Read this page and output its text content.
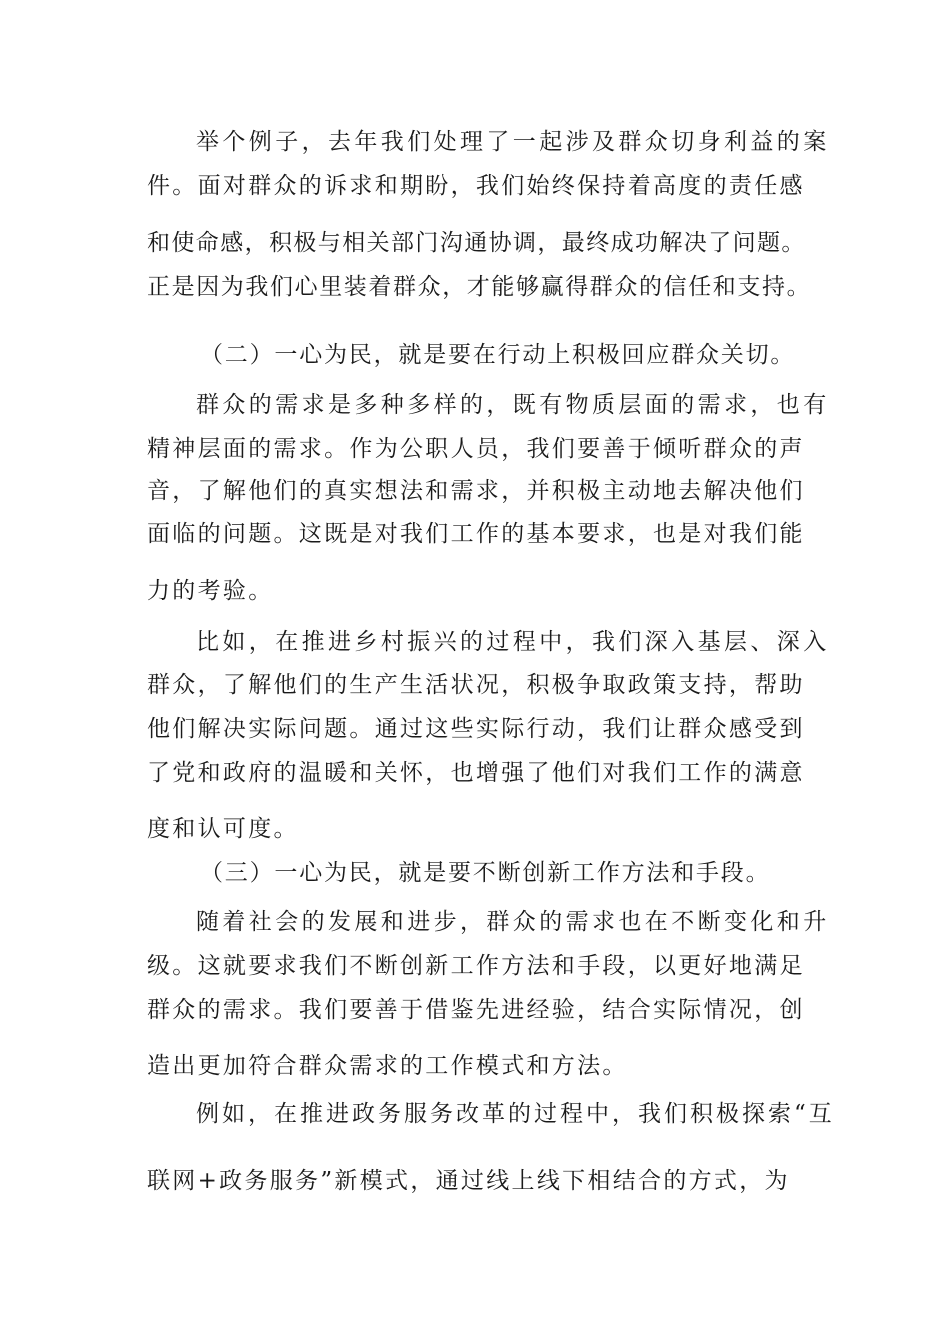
举个例子，去年我们处理了一起涉及群众切身利益的案
件。面对群众的诉求和期盼，我们始终保持着高度的责任感
和使命感，积极与相关部门沟通协调，最终成功解决了问题。
正是因为我们心里装着群众，才能够赢得群众的信任和支持。
（二）一心为民，就是要在行动上积极回应群众关切。
群众的需求是多种多样的，既有物质层面的需求，也有
精神层面的需求。作为公职人员，我们要善于倾听群众的声
音，了解他们的真实想法和需求，并积极主动地去解决他们
面临的问题。这既是对我们工作的基本要求，也是对我们能
力的考验。
比如，在推进乡村振兴的过程中，我们深入基层、深入
群众，了解他们的生产生活状况，积极争取政策支持，帮助
他们解决实际问题。通过这些实际行动，我们让群众感受到
了党和政府的温暖和关怀，也增强了他们对我们工作的满意
度和认可度。
（三）一心为民，就是要不断创新工作方法和手段。
随着社会的发展和进步，群众的需求也在不断变化和升
级。这就要求我们不断创新工作方法和手段，以更好地满足
群众的需求。我们要善于借鉴先进经验，结合实际情况，创
造出更加符合群众需求的工作模式和方法。
例如，在推进政务服务改革的过程中，我们积极探索“互
联网+政务服务”新模式，通过线上线下相结合的方式，为
